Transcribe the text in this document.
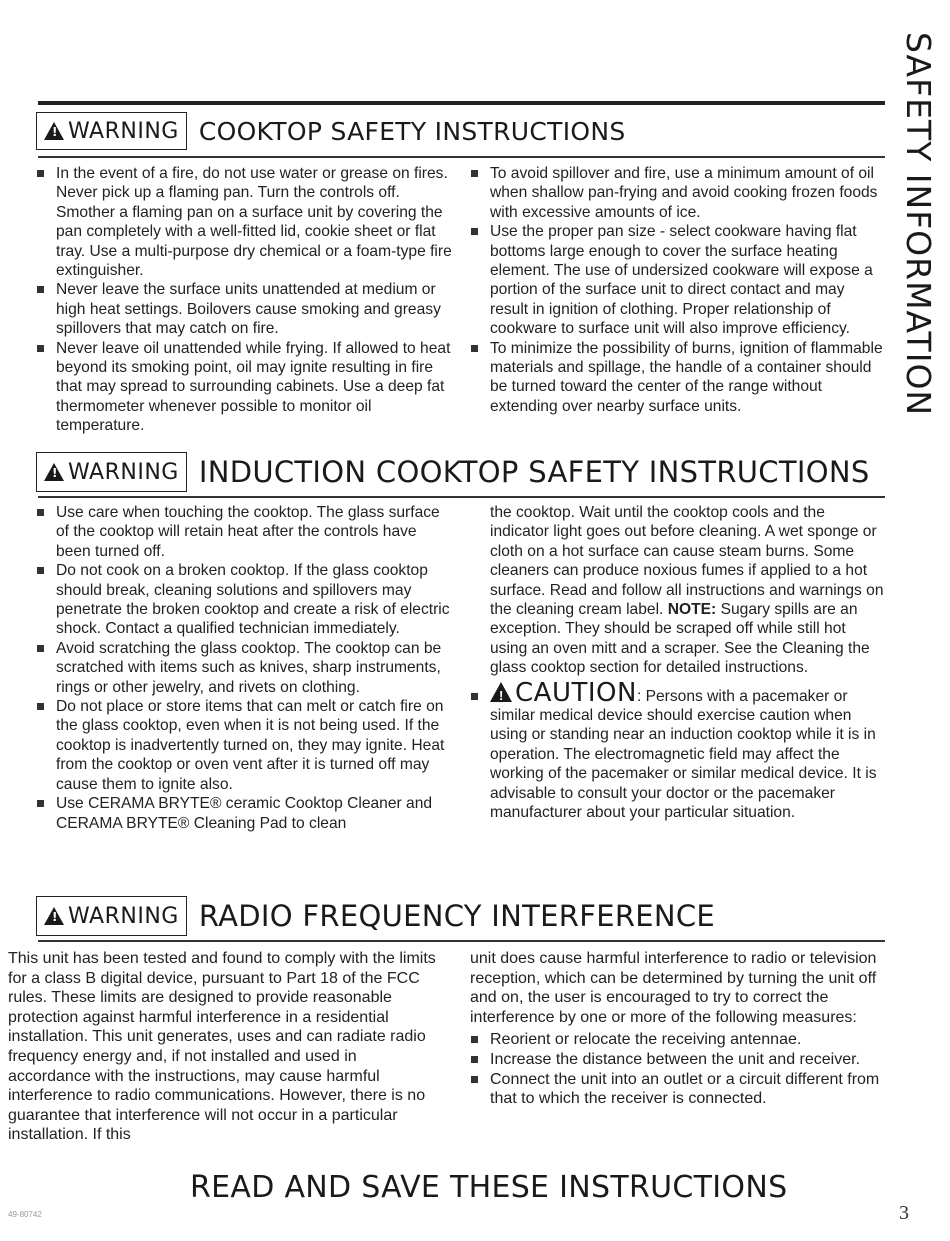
SAFETY INFORMATION
!
WARNING COOKTOP SAFETY INSTRUCTIONS
In the event of a fire, do not use water or grease on fires. Never pick up a flaming pan. Turn the controls off. Smother a flaming pan on a surface unit by covering the pan completely with a well-fitted lid, cookie sheet or flat tray. Use a multi-purpose dry chemical or a foam-type fire extinguisher.
Never leave the surface units unattended at medium or high heat settings. Boilovers cause smoking and greasy spillovers that may catch on fire.
Never leave oil unattended while frying. If allowed to heat beyond its smoking point, oil may ignite resulting in fire that may spread to surrounding cabinets. Use a deep fat thermometer whenever possible to monitor oil temperature.
To avoid spillover and fire, use a minimum amount of oil when shallow pan-frying and avoid cooking frozen foods with excessive amounts of ice.
Use the proper pan size - select cookware having flat bottoms large enough to cover the surface heating element. The use of undersized cookware will expose a portion of the surface unit to direct contact and may result in ignition of clothing. Proper relationship of cookware to surface unit will also improve efficiency.
To minimize the possibility of burns, ignition of flammable materials and spillage, the handle of a container should be turned toward the center of the range without extending over nearby surface units.
!
WARNING INDUCTION COOKTOP SAFETY INSTRUCTIONS
Use care when touching the cooktop. The glass surface of the cooktop will retain heat after the controls have been turned off.
Do not cook on a broken cooktop. If the glass cooktop should break, cleaning solutions and spillovers may penetrate the broken cooktop and create a risk of electric shock. Contact a qualified technician immediately.
Avoid scratching the glass cooktop. The cooktop can be scratched with items such as knives, sharp instruments, rings or other jewelry, and rivets on clothing.
Do not place or store items that can melt or catch fire on the glass cooktop, even when it is not being used. If the cooktop is inadvertently turned on, they may ignite. Heat from the cooktop or oven vent after it is turned off may cause them to ignite also.
Use CERAMA BRYTE® ceramic Cooktop Cleaner and CERAMA BRYTE® Cleaning Pad to clean

the cooktop. Wait until the cooktop cools and the indicator light goes out before cleaning. A wet sponge or cloth on a hot surface can cause steam burns. Some cleaners can produce noxious fumes if applied to a hot surface. Read and follow all instructions and warnings on the cleaning cream label. NOTE: Sugary spills are an exception. They should be scraped off while still hot using an oven mitt and a scraper. See the Cleaning the glass cooktop section for detailed instructions.

!CAUTION: Persons with a pacemaker or similar medical device should exercise caution when using or standing near an induction cooktop while it is in operation. The electromagnetic field may affect the working of the pacemaker or similar medical device. It is advisable to consult your doctor or the pacemaker manufacturer about your particular situation.
!
WARNING RADIO FREQUENCY INTERFERENCE

This unit has been tested and found to comply with the limits for a class B digital device, pursuant to Part 18 of the FCC rules. These limits are designed to provide reasonable protection against harmful interference in a residential installation. This unit generates, uses and can radiate radio frequency energy and, if not installed and used in accordance with the instructions, may cause harmful interference to radio communications. However, there is no guarantee that interference will not occur in a particular installation. If this

unit does cause harmful interference to radio or television reception, which can be determined by turning the unit off and on, the user is encouraged to try to correct the interference by one or more of the following measures:

Reorient or relocate the receiving antennae.
Increase the distance between the unit and receiver.
Connect the unit into an outlet or a circuit different from that to which the receiver is connected.
READ AND SAVE THESE INSTRUCTIONS
49-80742	3
